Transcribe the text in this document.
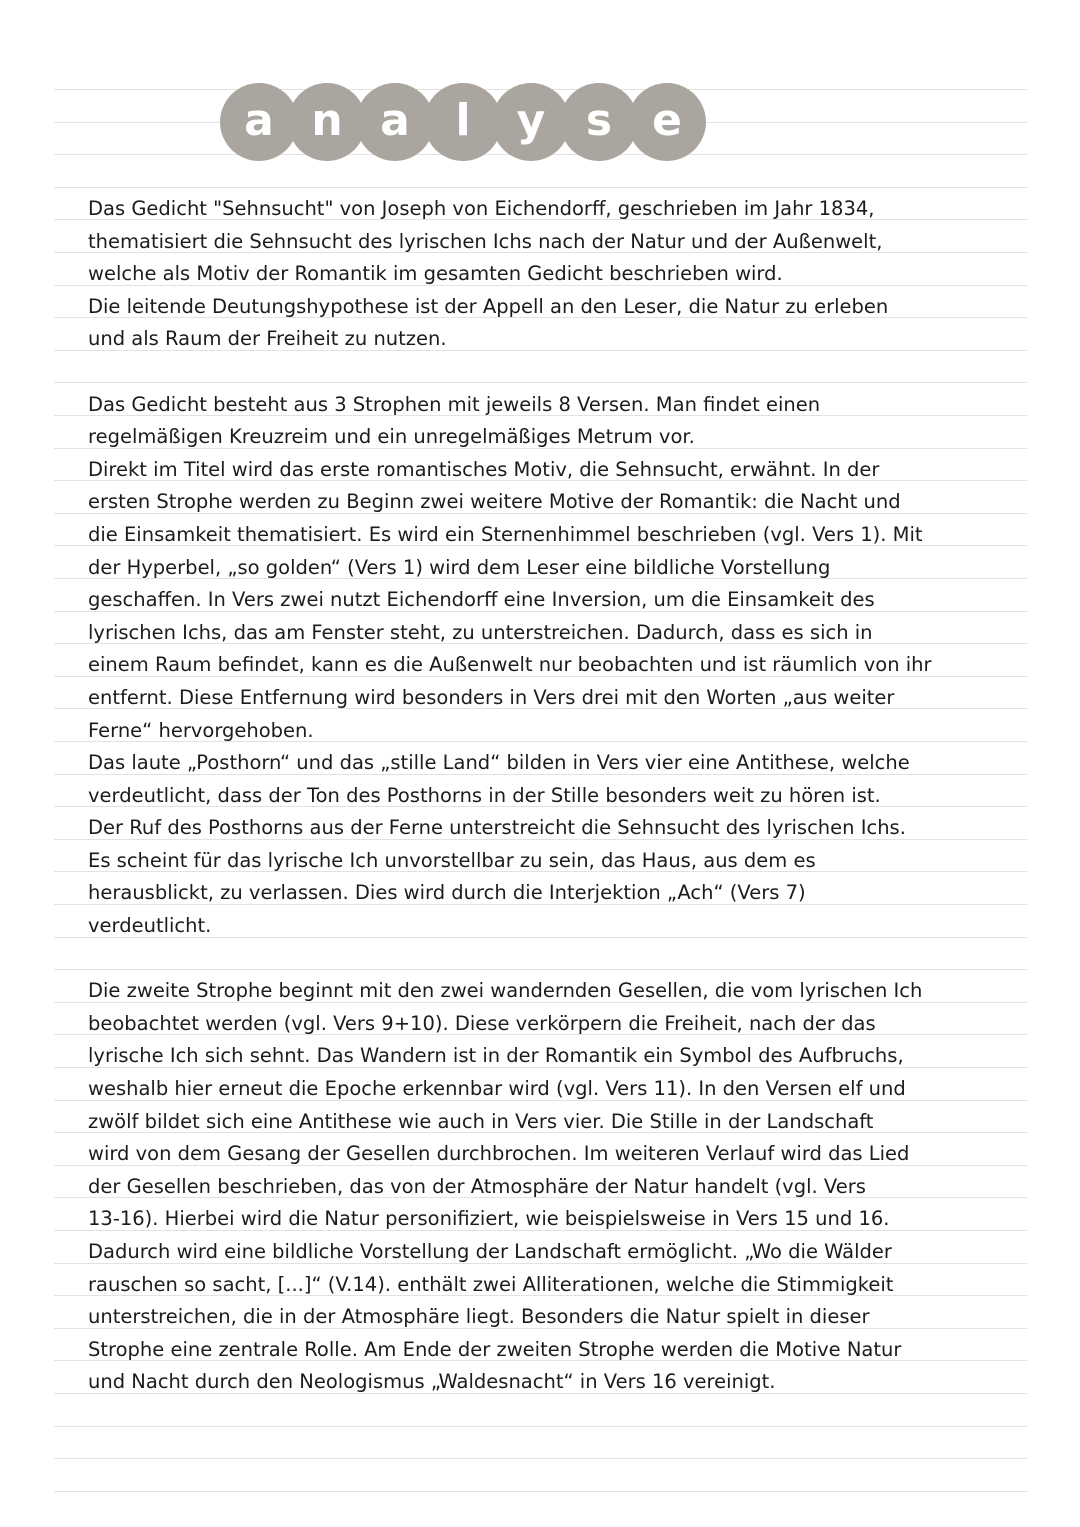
a n a	l	y s e
Das Gedicht "Sehnsucht" von Joseph von Eichendorff, geschrieben im Jahr 1834,
thematisiert die Sehnsucht des lyrischen Ichs nach der Natur und der Außenwelt,
welche als Motiv der Romantik im gesamten Gedicht beschrieben wird.
Die leitende Deutungshypothese ist der Appell an den Leser, die Natur zu erleben
und als Raum der Freiheit zu nutzen.
Das Gedicht besteht aus 3 Strophen mit jeweils 8 Versen. Man findet einen
regelmäßigen Kreuzreim und ein unregelmäßiges Metrum vor.
Direkt im Titel wird das erste romantisches Motiv, die Sehnsucht, erwähnt. In der
ersten Strophe werden zu Beginn zwei weitere Motive der Romantik: die Nacht und
die Einsamkeit thematisiert. Es wird ein Sternenhimmel beschrieben (vgl. Vers 1). Mit
der Hyperbel, „so golden“ (Vers 1) wird dem Leser eine bildliche Vorstellung
geschaffen. In Vers zwei nutzt Eichendorff eine Inversion, um die Einsamkeit des
lyrischen Ichs, das am Fenster steht, zu unterstreichen. Dadurch, dass es sich in
einem Raum befindet, kann es die Außenwelt nur beobachten und ist räumlich von ihr
entfernt. Diese Entfernung wird besonders in Vers drei mit den Worten „aus weiter
Ferne“ hervorgehoben.
Das laute „Posthorn“ und das „stille Land“ bilden in Vers vier eine Antithese, welche
verdeutlicht, dass der Ton des Posthorns in der Stille besonders weit zu hören ist.
Der Ruf des Posthorns aus der Ferne unterstreicht die Sehnsucht des lyrischen Ichs.
Es scheint für das lyrische Ich unvorstellbar zu sein, das Haus, aus dem es
herausblickt, zu verlassen. Dies wird durch die Interjektion „Ach“ (Vers 7)
verdeutlicht.
Die zweite Strophe beginnt mit den zwei wandernden Gesellen, die vom lyrischen Ich
beobachtet werden (vgl. Vers 9+10). Diese verkörpern die Freiheit, nach der das
lyrische Ich sich sehnt. Das Wandern ist in der Romantik ein Symbol des Aufbruchs,
weshalb hier erneut die Epoche erkennbar wird (vgl. Vers 11). In den Versen elf und
zwölf bildet sich eine Antithese wie auch in Vers vier. Die Stille in der Landschaft
wird von dem Gesang der Gesellen durchbrochen. Im weiteren Verlauf wird das Lied
der Gesellen beschrieben, das von der Atmosphäre der Natur handelt (vgl. Vers
13-16). Hierbei wird die Natur personifiziert, wie beispielsweise in Vers 15 und 16.
Dadurch wird eine bildliche Vorstellung der Landschaft ermöglicht. „Wo die Wälder
rauschen so sacht, [...]“ (V.14). enthält zwei Alliterationen, welche die Stimmigkeit
unterstreichen, die in der Atmosphäre liegt. Besonders die Natur spielt in dieser
Strophe eine zentrale Rolle. Am Ende der zweiten Strophe werden die Motive Natur
und Nacht durch den Neologismus „Waldesnacht“ in Vers 16 vereinigt.
